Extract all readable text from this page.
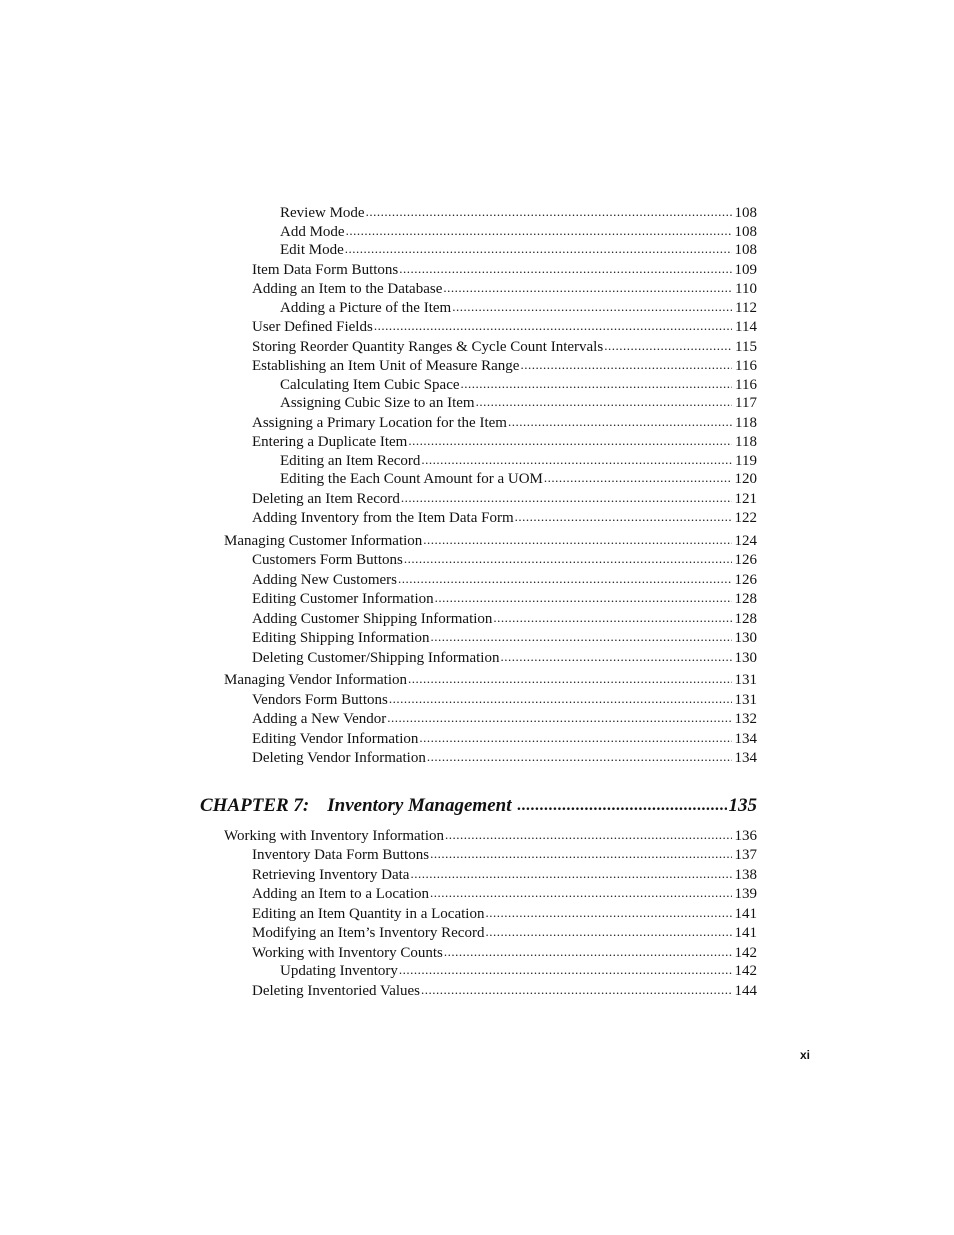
Review Mode .....	108
Add Mode .....	108
Edit Mode .....	108
Item Data Form Buttons .....	109
Adding an Item to the Database .....	110
Adding a Picture of the Item .....	112
User Defined Fields .....	114
Storing Reorder Quantity Ranges & Cycle Count Intervals .....	115
Establishing an Item Unit of Measure Range .....	116
Calculating Item Cubic Space .....	116
Assigning Cubic Size to an Item .....	117
Assigning a Primary Location for the Item .....	118
Entering a Duplicate Item .....	118
Editing an Item Record .....	119
Editing the Each Count Amount for a UOM .....	120
Deleting an Item Record .....	121
Adding Inventory from the Item Data Form .....	122
Managing Customer Information .....	124
Customers Form Buttons .....	126
Adding New Customers .....	126
Editing Customer Information .....	128
Adding Customer Shipping Information .....	128
Editing Shipping Information .....	130
Deleting Customer/Shipping Information .....	130
Managing Vendor Information .....	131
Vendors Form Buttons .....	131
Adding a New Vendor .....	132
Editing Vendor Information .....	134
Deleting Vendor Information .....	134
CHAPTER 7: Inventory Management .....	135
Working with Inventory Information .....	136
Inventory Data Form Buttons .....	137
Retrieving Inventory Data .....	138
Adding an Item to a Location .....	139
Editing an Item Quantity in a Location .....	141
Modifying an Item’s Inventory Record .....	141
Working with Inventory Counts .....	142
Updating Inventory .....	142
Deleting Inventoried Values .....	144
xi
